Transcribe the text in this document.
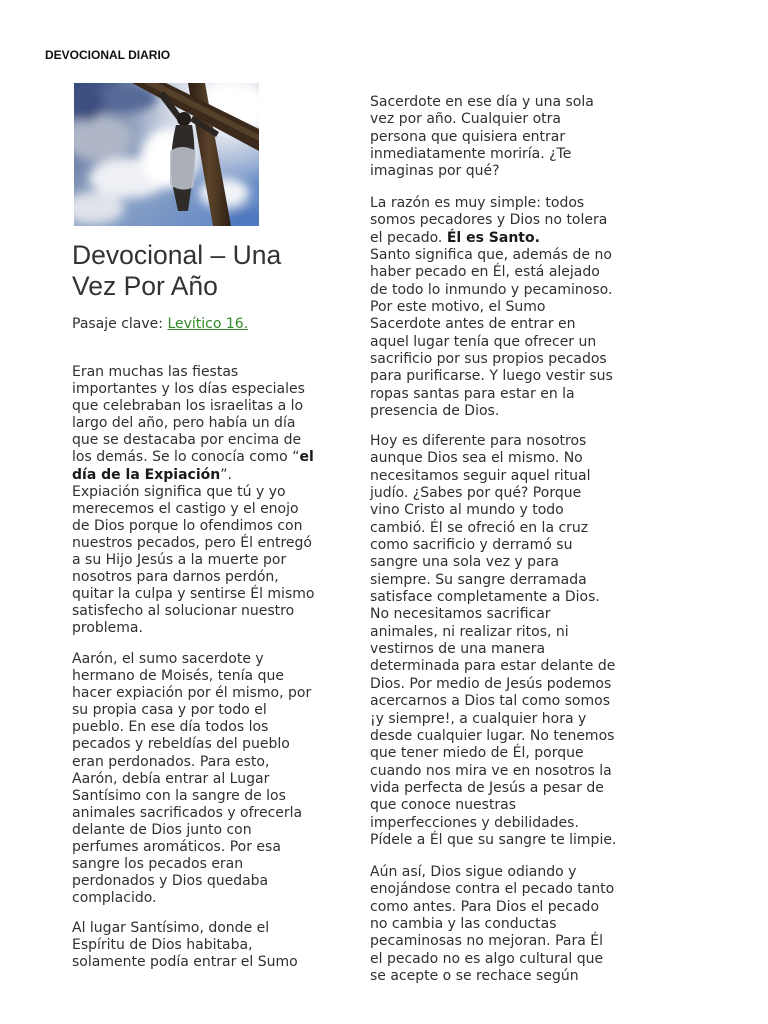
DEVOCIONAL DIARIO
Devocional – Una Vez Por Año

Pasaje clave: Levítico 16.

Eran muchas las fiestas
importantes y los días especiales
que celebraban los israelitas a lo
largo del año, pero había un día
que se destacaba por encima de
los demás. Se lo conocía como “el
día de la Expiación”.
Expiación significa que tú y yo
merecemos el castigo y el enojo
de Dios porque lo ofendimos con
nuestros pecados, pero Él entregó
a su Hijo Jesús a la muerte por
nosotros para darnos perdón,
quitar la culpa y sentirse Él mismo
satisfecho al solucionar nuestro
problema.

Aarón, el sumo sacerdote y
hermano de Moisés, tenía que
hacer expiación por él mismo, por
su propia casa y por todo el
pueblo. En ese día todos los
pecados y rebeldías del pueblo
eran perdonados. Para esto,
Aarón, debía entrar al Lugar
Santísimo con la sangre de los
animales sacrificados y ofrecerla
delante de Dios junto con
perfumes aromáticos. Por esa
sangre los pecados eran
perdonados y Dios quedaba
complacido.

Al lugar Santísimo, donde el
Espíritu de Dios habitaba,
solamente podía entrar el Sumo

Sacerdote en ese día y una sola
vez por año. Cualquier otra
persona que quisiera entrar
inmediatamente moriría. ¿Te
imaginas por qué?

La razón es muy simple: todos
somos pecadores y Dios no tolera
el pecado. Él es Santo.
Santo significa que, además de no
haber pecado en Él, está alejado
de todo lo inmundo y pecaminoso.
Por este motivo, el Sumo
Sacerdote antes de entrar en
aquel lugar tenía que ofrecer un
sacrificio por sus propios pecados
para purificarse. Y luego vestir sus
ropas santas para estar en la
presencia de Dios.

Hoy es diferente para nosotros
aunque Dios sea el mismo. No
necesitamos seguir aquel ritual
judío. ¿Sabes por qué? Porque
vino Cristo al mundo y todo
cambió. Él se ofreció en la cruz
como sacrificio y derramó su
sangre una sola vez y para
siempre. Su sangre derramada
satisface completamente a Dios.
No necesitamos sacrificar
animales, ni realizar ritos, ni
vestirnos de una manera
determinada para estar delante de
Dios. Por medio de Jesús podemos
acercarnos a Dios tal como somos
¡y siempre!, a cualquier hora y
desde cualquier lugar. No tenemos
que tener miedo de Él, porque
cuando nos mira ve en nosotros la
vida perfecta de Jesús a pesar de
que conoce nuestras
imperfecciones y debilidades.
Pídele a Él que su sangre te limpie.

Aún así, Dios sigue odiando y
enojándose contra el pecado tanto
como antes. Para Dios el pecado
no cambia y las conductas
pecaminosas no mejoran. Para Él
el pecado no es algo cultural que
se acepte o se rechace según
